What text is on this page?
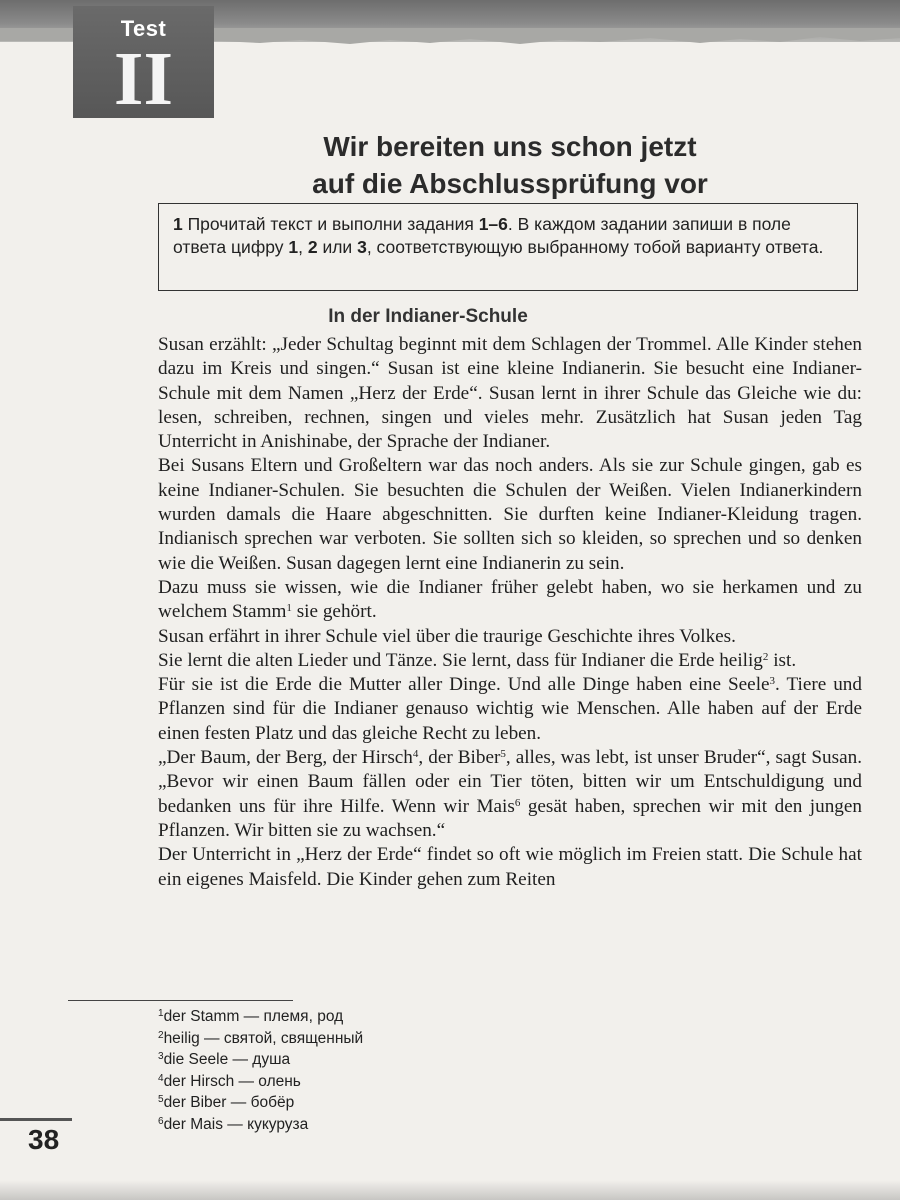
Test
II
Wir bereiten uns schon jetzt
auf die Abschlussprüfung vor
1 Прочитай текст и выполни задания 1–6. В каждом задании запиши в поле ответа цифру 1, 2 или 3, соответствующую выбранному тобой варианту ответа.
In der Indianer-Schule

Susan erzählt: „Jeder Schultag beginnt mit dem Schlagen der Trommel. Alle Kinder stehen dazu im Kreis und singen.“ Susan ist eine kleine Indianerin. Sie besucht eine Indianer-Schule mit dem Namen „Herz der Erde“. Susan lernt in ihrer Schule das Gleiche wie du: lesen, schreiben, rechnen, singen und vieles mehr. Zusätzlich hat Susan jeden Tag Unterricht in Anishinabe, der Sprache der Indianer.

Bei Susans Eltern und Großeltern war das noch anders. Als sie zur Schule gingen, gab es keine Indianer-Schulen. Sie besuchten die Schulen der Weißen. Vielen Indianerkindern wurden damals die Haare abgeschnitten. Sie durften keine Indianer-Kleidung tragen. Indianisch sprechen war verboten. Sie sollten sich so kleiden, so sprechen und so denken wie die Weißen. Susan dagegen lernt eine Indianerin zu sein.

Dazu muss sie wissen, wie die Indianer früher gelebt haben, wo sie herkamen und zu welchem Stamm$^1$ sie gehört.

Susan erfährt in ihrer Schule viel über die traurige Geschichte ihres Volkes.

Sie lernt die alten Lieder und Tänze. Sie lernt, dass für Indianer die Erde heilig$^2$ ist.

Für sie ist die Erde die Mutter aller Dinge. Und alle Dinge haben eine Seele$^3$. Tiere und Pflanzen sind für die Indianer genauso wichtig wie Menschen. Alle haben auf der Erde einen festen Platz und das gleiche Recht zu leben.

„Der Baum, der Berg, der Hirsch$^4$, der Biber$^5$, alles, was lebt, ist unser Bruder“, sagt Susan. „Bevor wir einen Baum fällen oder ein Tier töten, bitten wir um Entschuldigung und bedanken uns für ihre Hilfe. Wenn wir Mais$^6$ gesät haben, sprechen wir mit den jungen Pflanzen. Wir bitten sie zu wachsen.“

Der Unterricht in „Herz der Erde“ findet so oft wie möglich im Freien statt. Die Schule hat ein eigenes Maisfeld. Die Kinder gehen zum Reiten

$^1$der Stamm — племя, род
$^2$heilig — святой, священный
$^3$die Seele — душа
$^4$der Hirsch — олень
$^5$der Biber — бобёр
$^6$der Mais — кукуруза
38
